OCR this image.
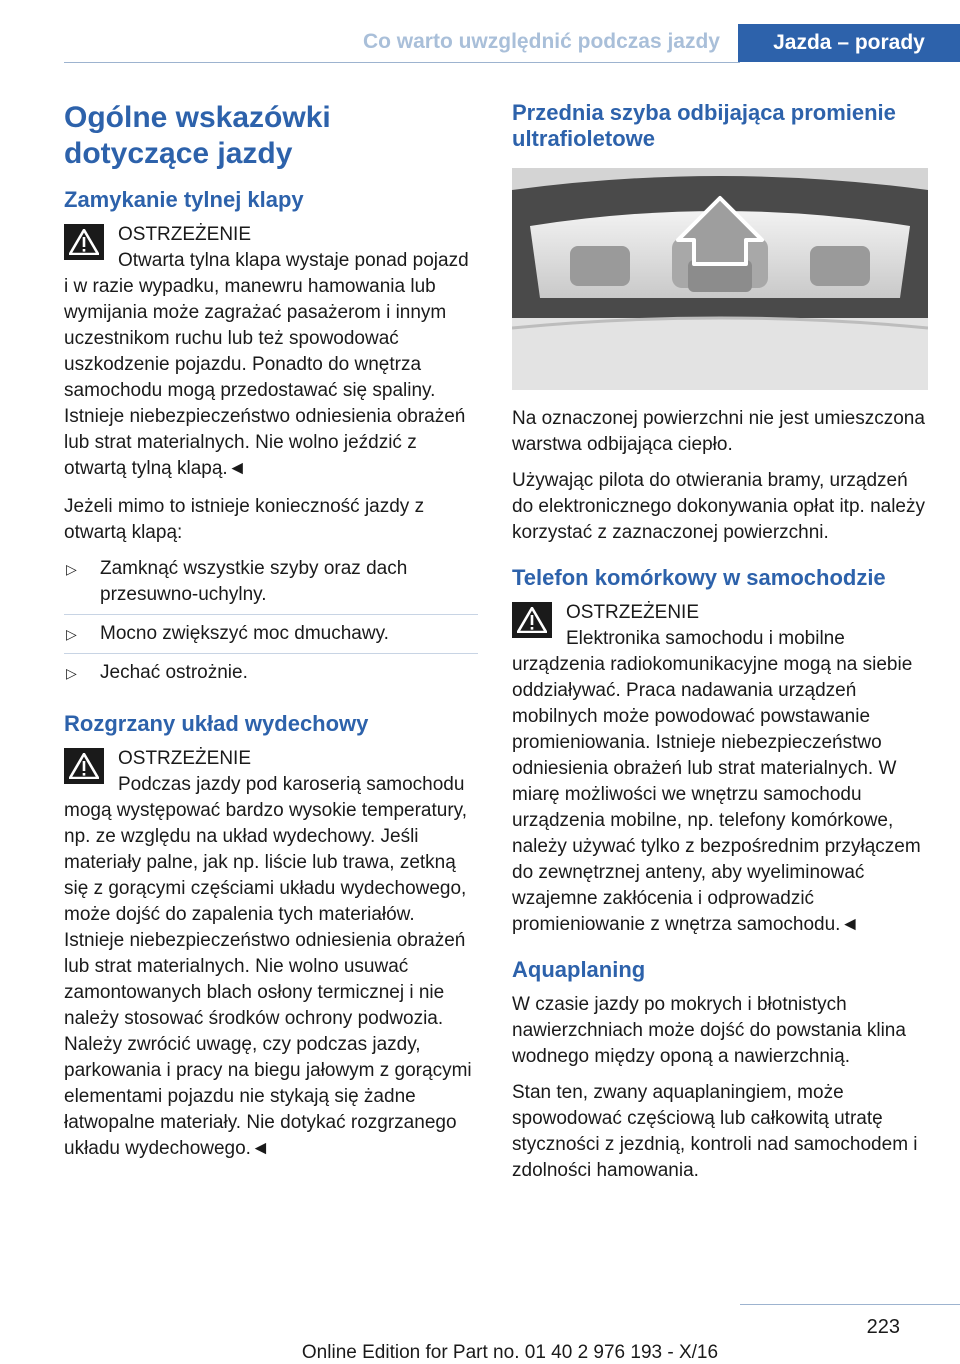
Co warto uwzględnić podczas jazdy	Jazda – porady
Ogólne wskazówki dotyczące jazdy
Zamykanie tylnej klapy
OSTRZEŻENIE
Otwarta tylna klapa wystaje ponad pojazd i w razie wypadku, manewru hamowania lub wymijania może zagrażać pasażerom i innym uczestnikom ruchu lub też spowodować uszkodzenie pojazdu. Ponadto do wnętrza samochodu mogą przedostawać się spaliny. Istnieje niebezpieczeństwo odniesienia obrażeń lub strat materialnych. Nie wolno jeździć z otwartą tylną klapą.◄

Jeżeli mimo to istnieje konieczność jazdy z otwartą klapą:

▷ Zamknąć wszystkie szyby oraz dach przesuwno-uchylny.
▷ Mocno zwiększyć moc dmuchawy.
▷ Jechać ostrożnie.
Rozgrzany układ wydechowy
OSTRZEŻENIE
Podczas jazdy pod karoserią samochodu mogą występować bardzo wysokie temperatury, np. ze względu na układ wydechowy. Jeśli materiały palne, jak np. liście lub trawa, zetkną się z gorącymi częściami układu wydechowego, może dojść do zapalenia tych materiałów. Istnieje niebezpieczeństwo odniesienia obrażeń lub strat materialnych. Nie wolno usuwać zamontowanych blach osłony termicznej i nie należy stosować środków ochrony podwozia. Należy zwrócić uwagę, czy podczas jazdy, parkowania i pracy na biegu jałowym z gorącymi elementami pojazdu nie stykają się żadne łatwopalne materiały. Nie dotykać rozgrzanego układu wydechowego.◄
Przednia szyba odbijająca promienie ultrafioletowe

Na oznaczonej powierzchni nie jest umieszczona warstwa odbijająca ciepło.

Używając pilota do otwierania bramy, urządzeń do elektronicznego dokonywania opłat itp. należy korzystać z zaznaczonej powierzchni.

Telefon komórkowy w samochodzie
OSTRZEŻENIE
Elektronika samochodu i mobilne urządzenia radiokomunikacyjne mogą na siebie oddziaływać. Praca nadawania urządzeń mobilnych może powodować powstawanie promieniowania. Istnieje niebezpieczeństwo odniesienia obrażeń lub strat materialnych. W miarę możliwości we wnętrzu samochodu urządzenia mobilne, np. telefony komórkowe, należy używać tylko z bezpośrednim przyłączem do zewnętrznej anteny, aby wyeliminować wzajemne zakłócenia i odprowadzić promieniowanie z wnętrza samochodu.◄
Aquaplaning

W czasie jazdy po mokrych i błotnistych nawierzchniach może dojść do powstania klina wodnego między oponą a nawierzchnią.

Stan ten, zwany aquaplaningiem, może spowodować częściową lub całkowitą utratę styczności z jezdnią, kontroli nad samochodem i zdolności hamowania.

223
Online Edition for Part no. 01 40 2 976 193 - X/16
